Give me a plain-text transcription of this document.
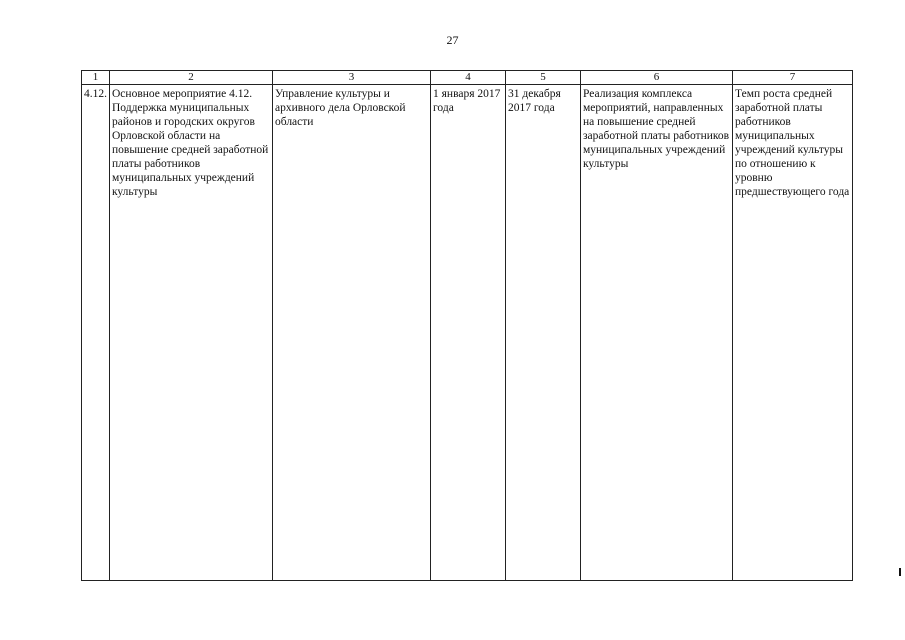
27
1	2	3	4	5	6	7
4.12.	Основное мероприятие 4.12. Поддержка муниципальных районов и городских округов Орловской области на повышение средней заработной платы работников муниципальных учреждений культуры	Управление культуры и архивного дела Орловской области	1 января 2017 года	31 декабря 2017 года	Реализация комплекса мероприятий, направленных на повышение средней заработной платы работников муниципальных учреждений культуры	Темп роста средней заработной платы работников муниципальных учреждений культуры по отношению к уровню предшествующего года
